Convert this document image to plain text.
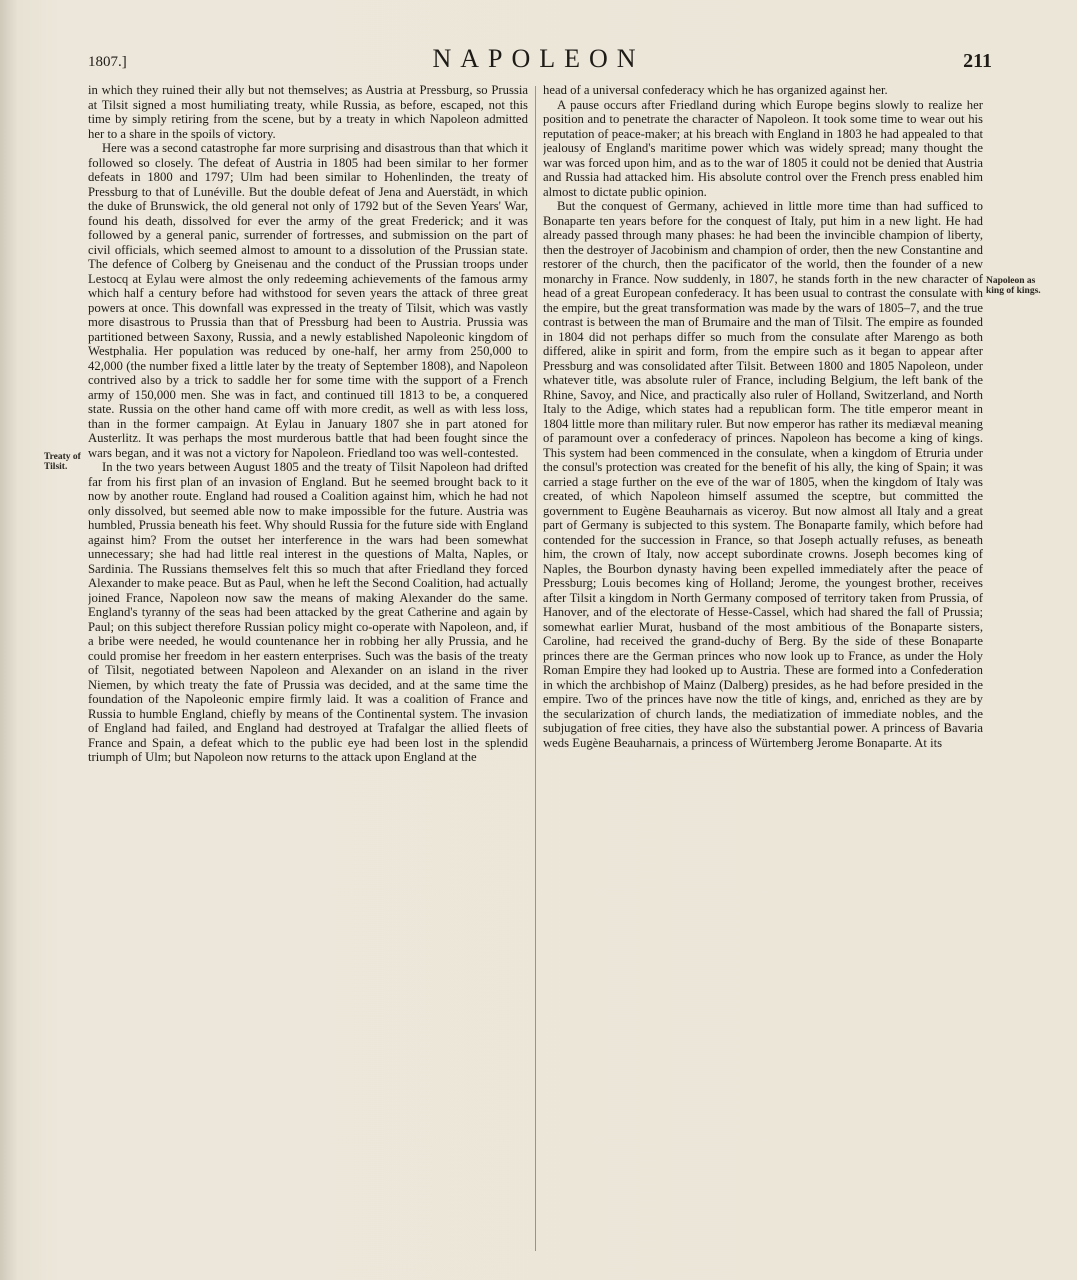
1807.]	NAPOLEON	211
Treaty of Tilsit.
Napoleon as king of kings.

in which they ruined their ally but not themselves; as Austria at Pressburg, so Prussia at Tilsit signed a most humiliating treaty, while Russia, as before, escaped, not this time by simply retiring from the scene, but by a treaty in which Napoleon admitted her to a share in the spoils of victory.

Here was a second catastrophe far more surprising and disastrous than that which it followed so closely. The defeat of Austria in 1805 had been similar to her former defeats in 1800 and 1797; Ulm had been similar to Hohenlinden, the treaty of Pressburg to that of Lunéville. But the double defeat of Jena and Auerstädt, in which the duke of Brunswick, the old general not only of 1792 but of the Seven Years' War, found his death, dissolved for ever the army of the great Frederick; and it was followed by a general panic, surrender of fortresses, and submission on the part of civil officials, which seemed almost to amount to a dissolution of the Prussian state. The defence of Colberg by Gneisenau and the conduct of the Prussian troops under Lestocq at Eylau were almost the only redeeming achievements of the famous army which half a century before had withstood for seven years the attack of three great powers at once. This downfall was expressed in the treaty of Tilsit, which was vastly more disastrous to Prussia than that of Pressburg had been to Austria. Prussia was partitioned between Saxony, Russia, and a newly established Napoleonic kingdom of Westphalia. Her population was reduced by one-half, her army from 250,000 to 42,000 (the number fixed a little later by the treaty of September 1808), and Napoleon contrived also by a trick to saddle her for some time with the support of a French army of 150,000 men. She was in fact, and continued till 1813 to be, a conquered state. Russia on the other hand came off with more credit, as well as with less loss, than in the former campaign. At Eylau in January 1807 she in part atoned for Austerlitz. It was perhaps the most murderous battle that had been fought since the wars began, and it was not a victory for Napoleon. Friedland too was well-contested.

In the two years between August 1805 and the treaty of Tilsit Napoleon had drifted far from his first plan of an invasion of England. But he seemed brought back to it now by another route. England had roused a Coalition against him, which he had not only dissolved, but seemed able now to make impossible for the future. Austria was humbled, Prussia beneath his feet. Why should Russia for the future side with England against him? From the outset her interference in the wars had been somewhat unnecessary; she had had little real interest in the questions of Malta, Naples, or Sardinia. The Russians themselves felt this so much that after Friedland they forced Alexander to make peace. But as Paul, when he left the Second Coalition, had actually joined France, Napoleon now saw the means of making Alexander do the same. England's tyranny of the seas had been attacked by the great Catherine and again by Paul; on this subject therefore Russian policy might co-operate with Napoleon, and, if a bribe were needed, he would countenance her in robbing her ally Prussia, and he could promise her freedom in her eastern enterprises. Such was the basis of the treaty of Tilsit, negotiated between Napoleon and Alexander on an island in the river Niemen, by which treaty the fate of Prussia was decided, and at the same time the foundation of the Napoleonic empire firmly laid. It was a coalition of France and Russia to humble England, chiefly by means of the Continental system. The invasion of England had failed, and England had destroyed at Trafalgar the allied fleets of France and Spain, a defeat which to the public eye had been lost in the splendid triumph of Ulm; but Napoleon now returns to the attack upon England at the

head of a universal confederacy which he has organized against her.

A pause occurs after Friedland during which Europe begins slowly to realize her position and to penetrate the character of Napoleon. It took some time to wear out his reputation of peace-maker; at his breach with England in 1803 he had appealed to that jealousy of England's maritime power which was widely spread; many thought the war was forced upon him, and as to the war of 1805 it could not be denied that Austria and Russia had attacked him. His absolute control over the French press enabled him almost to dictate public opinion.

But the conquest of Germany, achieved in little more time than had sufficed to Bonaparte ten years before for the conquest of Italy, put him in a new light. He had already passed through many phases: he had been the invincible champion of liberty, then the destroyer of Jacobinism and champion of order, then the new Constantine and restorer of the church, then the pacificator of the world, then the founder of a new monarchy in France. Now suddenly, in 1807, he stands forth in the new character of head of a great European confederacy. It has been usual to contrast the consulate with the empire, but the great transformation was made by the wars of 1805–7, and the true contrast is between the man of Brumaire and the man of Tilsit. The empire as founded in 1804 did not perhaps differ so much from the consulate after Marengo as both differed, alike in spirit and form, from the empire such as it began to appear after Pressburg and was consolidated after Tilsit. Between 1800 and 1805 Napoleon, under whatever title, was absolute ruler of France, including Belgium, the left bank of the Rhine, Savoy, and Nice, and practically also ruler of Holland, Switzerland, and North Italy to the Adige, which states had a republican form. The title emperor meant in 1804 little more than military ruler. But now emperor has rather its mediæval meaning of paramount over a confederacy of princes. Napoleon has become a king of kings. This system had been commenced in the consulate, when a kingdom of Etruria under the consul's protection was created for the benefit of his ally, the king of Spain; it was carried a stage further on the eve of the war of 1805, when the kingdom of Italy was created, of which Napoleon himself assumed the sceptre, but committed the government to Eugène Beauharnais as viceroy. But now almost all Italy and a great part of Germany is subjected to this system. The Bonaparte family, which before had contended for the succession in France, so that Joseph actually refuses, as beneath him, the crown of Italy, now accept subordinate crowns. Joseph becomes king of Naples, the Bourbon dynasty having been expelled immediately after the peace of Pressburg; Louis becomes king of Holland; Jerome, the youngest brother, receives after Tilsit a kingdom in North Germany composed of territory taken from Prussia, of Hanover, and of the electorate of Hesse-Cassel, which had shared the fall of Prussia; somewhat earlier Murat, husband of the most ambitious of the Bonaparte sisters, Caroline, had received the grand-duchy of Berg. By the side of these Bonaparte princes there are the German princes who now look up to France, as under the Holy Roman Empire they had looked up to Austria. These are formed into a Confederation in which the archbishop of Mainz (Dalberg) presides, as he had before presided in the empire. Two of the princes have now the title of kings, and, enriched as they are by the secularization of church lands, the mediatization of immediate nobles, and the subjugation of free cities, they have also the substantial power. A princess of Bavaria weds Eugène Beauharnais, a princess of Würtemberg Jerome Bonaparte. At its
